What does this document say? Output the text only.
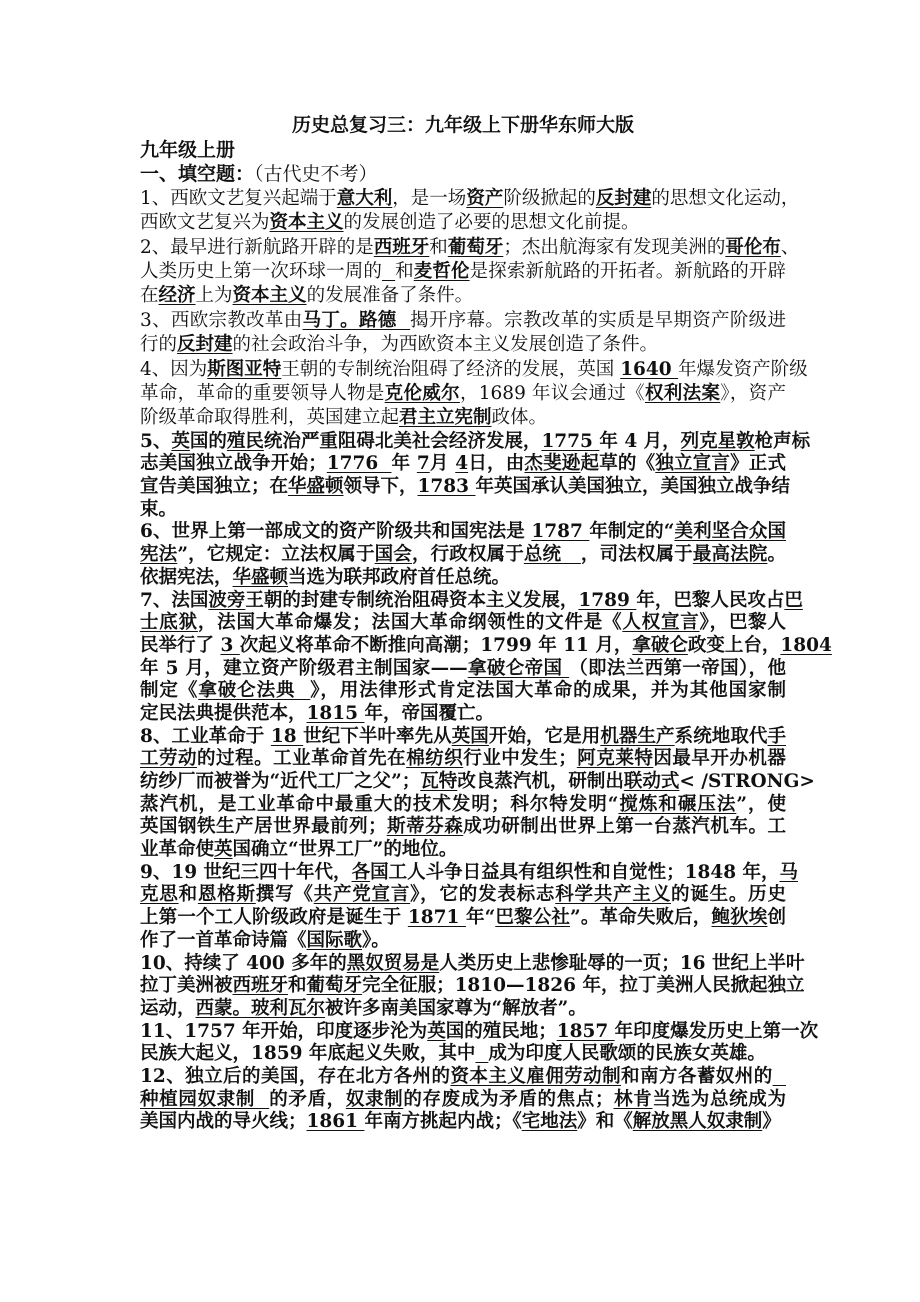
历史总复习三：九年级上下册华东师大版
九年级上册
一、填空题：（古代史不考）
1、西欧文艺复兴起端于意大利，是一场资产阶级掀起的反封建的思想文化运动，
西欧文艺复兴为资本主义的发展创造了必要的思想文化前提。
2、最早进行新航路开辟的是西班牙和葡萄牙；杰出航海家有发现美洲的哥伦布、
人类历史上第一次环球一周的 和麦哲伦是探索新航路的开拓者。新航路的开辟
在经济上为资本主义的发展准备了条件。
3、西欧宗教改革由马丁。路德  揭开序幕。宗教改革的实质是早期资产阶级进
行的反封建的社会政治斗争，为西欧资本主义发展创造了条件。
4、因为斯图亚特王朝的专制统治阻碍了经济的发展，英国 1640 年爆发资产阶级
革命，革命的重要领导人物是克伦威尔，1689 年议会通过《权利法案》，资产
阶级革命取得胜利，英国建立起君主立宪制政体。
5、英国的殖民统治严重阻碍北美社会经济发展，1775 年 4 月，列克星敦枪声标
志美国独立战争开始；1776  年 7月 4日，由杰斐逊起草的《独立宣言》正式
宣告美国独立；在华盛顿领导下，1783 年英国承认美国独立，美国独立战争结
束。
6、世界上第一部成文的资产阶级共和国宪法是 1787 年制定的“美利坚合众国
宪法”，它规定：立法权属于国会，行政权属于总统   ，司法权属于最高法院。
依据宪法，华盛顿当选为联邦政府首任总统。
7、法国波旁王朝的封建专制统治阻碍资本主义发展，1789 年，巴黎人民攻占巴
士底狱，法国大革命爆发；法国大革命纲领性的文件是《人权宣言》，巴黎人
民举行了 3 次起义将革命不断推向高潮；1799 年 11 月，拿破仑政变上台，1804
年 5 月，建立资产阶级君主制国家——拿破仑帝国 （即法兰西第一帝国），他
制定《拿破仑法典  》，用法律形式肯定法国大革命的成果，并为其他国家制
定民法典提供范本，1815 年，帝国覆亡。
8、工业革命于 18 世纪下半叶率先从英国开始，它是用机器生产系统地取代手
工劳动的过程。工业革命首先在棉纺织行业中发生；阿克莱特因最早开办机器
纺纱厂而被誉为“近代工厂之父”；瓦特改良蒸汽机，研制出联动式< /STRONG>
蒸汽机，是工业革命中最重大的技术发明；科尔特发明“搅炼和碾压法”，使
英国钢铁生产居世界最前列；斯蒂芬森成功研制出世界上第一台蒸汽机车。工
业革命使英国确立“世界工厂”的地位。
9、19 世纪三四十年代，各国工人斗争日益具有组织性和自觉性；1848 年，马
克思和恩格斯撰写《共产党宣言》，它的发表标志科学共产主义的诞生。历史
上第一个工人阶级政府是诞生于 1871 年“巴黎公社”。革命失败后，鲍狄埃创
作了一首革命诗篇《国际歌》。
10、持续了 400 多年的黑奴贸易是人类历史上悲惨耻辱的一页；16 世纪上半叶
拉丁美洲被西班牙和葡萄牙完全征服；1810—1826 年，拉丁美洲人民掀起独立
运动，西蒙。玻利瓦尔被许多南美国家尊为“解放者”。
11、1757 年开始，印度逐步沦为英国的殖民地；1857 年印度爆发历史上第一次
民族大起义，1859 年底起义失败，其中 成为印度人民歌颂的民族女英雄。
12、独立后的美国，存在北方各州的资本主义雇佣劳动制和南方各蓄奴州的
种植园奴隶制  的矛盾，奴隶制的存废成为矛盾的焦点；林肯当选为总统成为
美国内战的导火线；1861 年南方挑起内战；《宅地法》和《解放黑人奴隶制》
